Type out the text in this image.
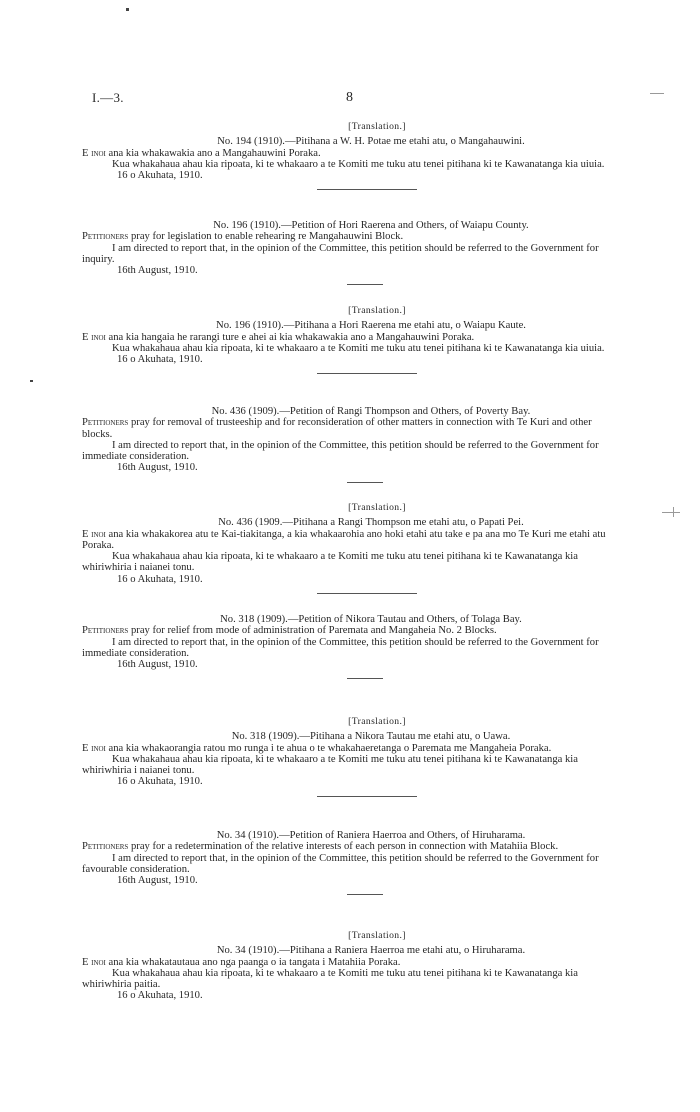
I.—3.	8
[Translation.]

No. 194 (1910).—Pitihana a W. H. Potae me etahi atu, o Mangahauwini.

E inoi ana kia whakawakia ano a Mangahauwini Poraka.

Kua whakahaua ahau kia ripoata, ki te whakaaro a te Komiti me tuku atu tenei pitihana ki te Kawanatanga kia uiuia.

16 o Akuhata, 1910.

No. 196 (1910).—Petition of Hori Raerena and Others, of Waiapu County.

Petitioners pray for legislation to enable rehearing re Mangahauwini Block.

I am directed to report that, in the opinion of the Committee, this petition should be referred to the Government for inquiry.

16th August, 1910.

[Translation.]

No. 196 (1910).—Pitihana a Hori Raerena me etahi atu, o Waiapu Kaute.

E inoi ana kia hangaia he rarangi ture e ahei ai kia whakawakia ano a Mangahauwini Poraka.

Kua whakahaua ahau kia ripoata, ki te whakaaro a te Komiti me tuku atu tenei pitihana ki te Kawanatanga kia uiuia.

16 o Akuhata, 1910.

No. 436 (1909).—Petition of Rangi Thompson and Others, of Poverty Bay.

Petitioners pray for removal of trusteeship and for reconsideration of other matters in connection with Te Kuri and other blocks.

I am directed to report that, in the opinion of the Committee, this petition should be referred to the Government for immediate consideration.

16th August, 1910.

[Translation.]

No. 436 (1909.—Pitihana a Rangi Thompson me etahi atu, o Papati Pei.

E inoi ana kia whakakorea atu te Kai-tiakitanga, a kia whakaarohia ano hoki etahi atu take e pa ana mo Te Kuri me etahi atu Poraka.

Kua whakahaua ahau kia ripoata, ki te whakaaro a te Komiti me tuku atu tenei pitihana ki te Kawanatanga kia whiriwhiria i naianei tonu.

16 o Akuhata, 1910.

No. 318 (1909).—Petition of Nikora Tautau and Others, of Tolaga Bay.

Petitioners pray for relief from mode of administration of Paremata and Mangaheia No. 2 Blocks.

I am directed to report that, in the opinion of the Committee, this petition should be referred to the Government for immediate consideration.

16th August, 1910.

[Translation.]

No. 318 (1909).—Pitihana a Nikora Tautau me etahi atu, o Uawa.

E inoi ana kia whakaorangia ratou mo runga i te ahua o te whakahaeretanga o Paremata me Mangaheia Poraka.

Kua whakahaua ahau kia ripoata, ki te whakaaro a te Komiti me tuku atu tenei pitihana ki te Kawanatanga kia whiriwhiria i naianei tonu.

16 o Akuhata, 1910.

No. 34 (1910).—Petition of Raniera Haerroa and Others, of Hiruharama.

Petitioners pray for a redetermination of the relative interests of each person in connection with Matahiia Block.

I am directed to report that, in the opinion of the Committee, this petition should be referred to the Government for favourable consideration.

16th August, 1910.

[Translation.]

No. 34 (1910).—Pitihana a Raniera Haerroa me etahi atu, o Hiruharama.

E inoi ana kia whakatautaua ano nga paanga o ia tangata i Matahiia Poraka.

Kua whakahaua ahau kia ripoata, ki te whakaaro a te Komiti me tuku atu tenei pitihana ki te Kawanatanga kia whiriwhiria paitia.

16 o Akuhata, 1910.
